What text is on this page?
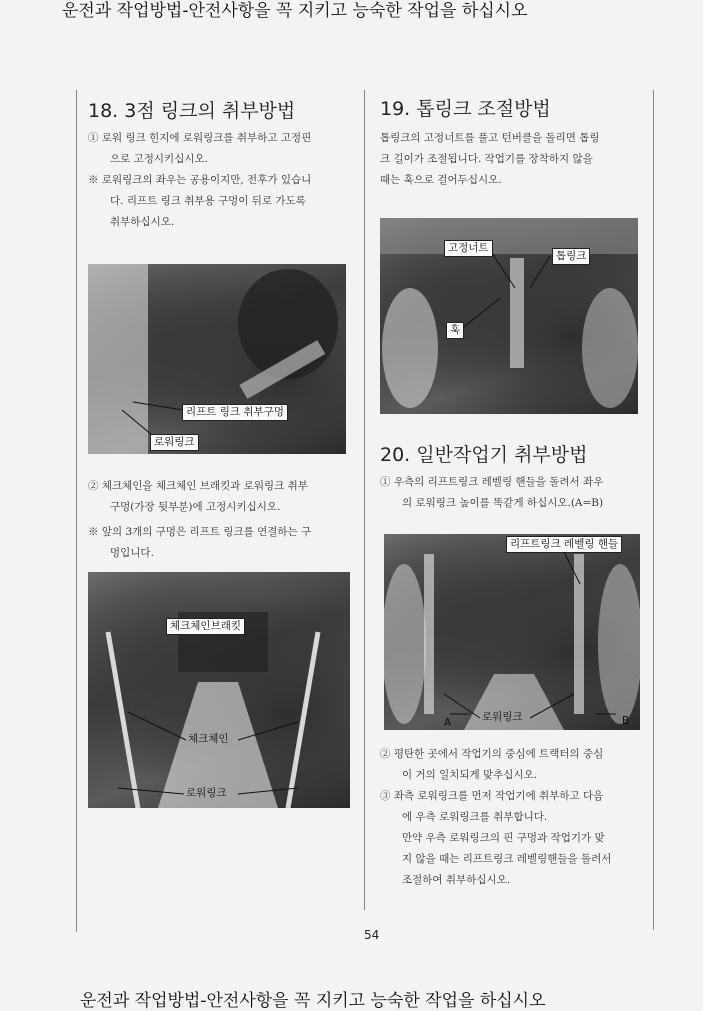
운전과 작업방법-안전사항을 꼭 지키고 능숙한 작업을 하십시오
운전과 작업방법-안전사항을 꼭 지키고 능숙한 작업을 하십시오
18. 3점 링크의 취부방법

① 로워 링크 힌지에 로워링크를 취부하고 고정핀

으로 고정시키십시오.

※ 로워링크의 좌우는 공용이지만, 전후가 있습니

다. 리프트 링크 취부용 구멍이 뒤로 가도록

취부하십시오.

리프트 링크 취부구멍
로워링크

② 체크체인을 체크체인 브래킷과 로워링크 취부

구멍(가장 뒷부분)에 고정시키십시오.

※ 앞의 3개의 구멍은 리프트 링크를 연결하는 구

멍입니다.

체크체인브래킷
체크체인
로워링크
19. 톱링크 조절방법

톱링크의 고정너트를 풀고 턴버클을 돌리면 톱링

크 길이가 조절됩니다. 작업기를 장착하지 않을

때는 훅으로 걸어두십시오.

고정너트
톱링크
훅
20. 일반작업기 취부방법

① 우측의 리프트링크 레벨링 핸들을 돌려서 좌우

의 로워링크 높이를 똑같게 하십시오.(A=B)

리프트링크 레벨링 핸들
로워링크
A	B

② 평탄한 곳에서 작업기의 중심에 트랙터의 중심

이 거의 일치되게 맞추십시오.

③ 좌측 로워링크를 먼저 작업기에 취부하고 다음

에 우측 로워링크를 취부합니다.

만약 우측 로워링크의 핀 구멍과 작업기가 맞

지 않을 때는 리프트링크 레벨링핸들을 돌려서

조절하여 취부하십시오.

54
